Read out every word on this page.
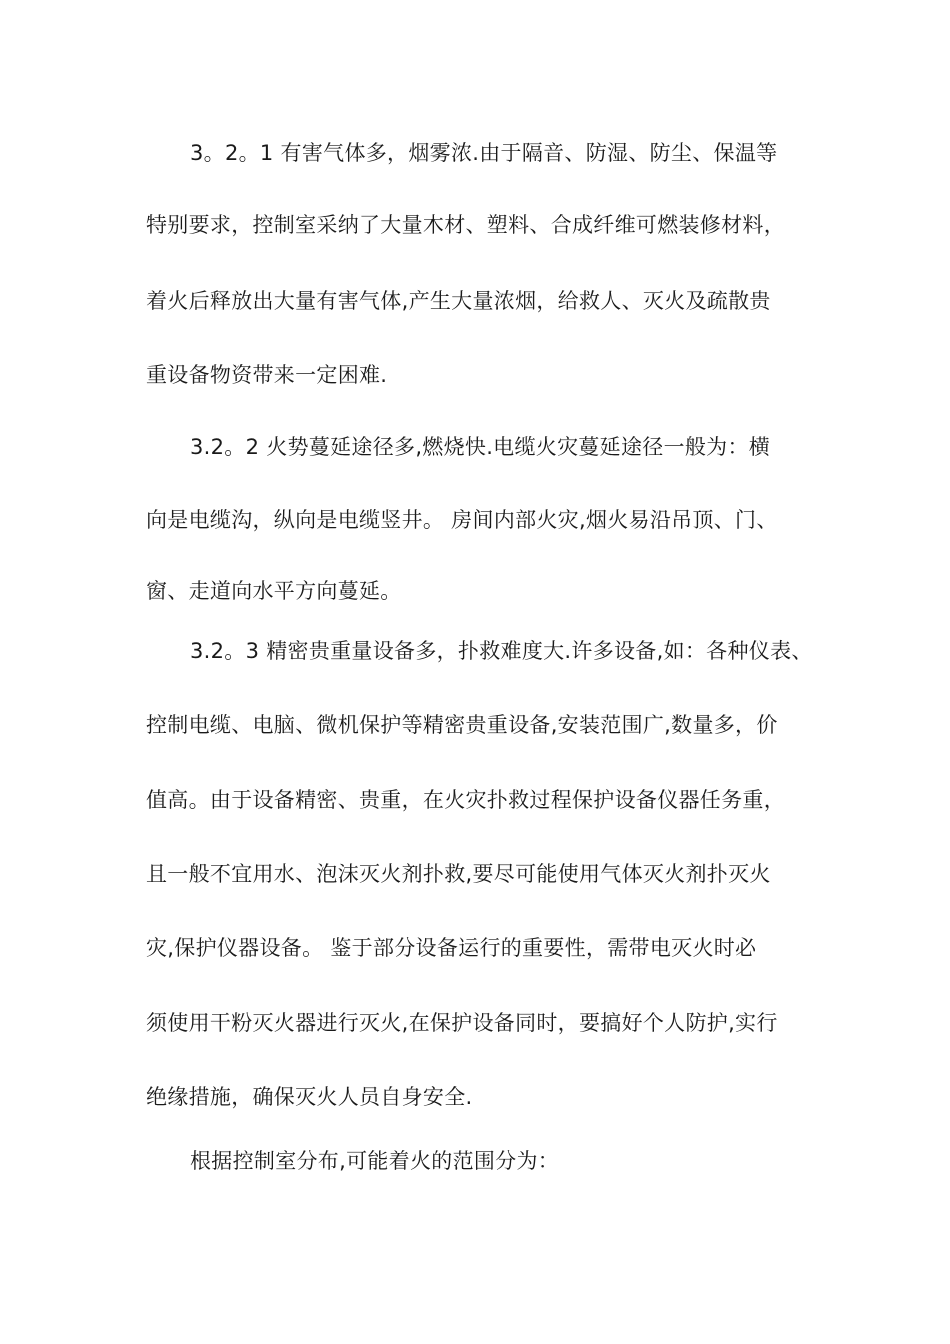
3。2。1 有害气体多，烟雾浓.由于隔音、防湿、防尘、保温等
特别要求，控制室采纳了大量木材、塑料、合成纤维可燃装修材料，
着火后释放出大量有害气体,产生大量浓烟，给救人、灭火及疏散贵
重设备物资带来一定困难.
3.2。2 火势蔓延途径多,燃烧快.电缆火灾蔓延途径一般为：横
向是电缆沟，纵向是电缆竖井。 房间内部火灾,烟火易沿吊顶、门、
窗、走道向水平方向蔓延。
3.2。3 精密贵重量设备多，扑救难度大.许多设备,如：各种仪表、
控制电缆、电脑、微机保护等精密贵重设备,安装范围广,数量多，价
值高。由于设备精密、贵重，在火灾扑救过程保护设备仪器任务重，
且一般不宜用水、泡沫灭火剂扑救,要尽可能使用气体灭火剂扑灭火
灾,保护仪器设备。 鉴于部分设备运行的重要性，需带电灭火时必
须使用干粉灭火器进行灭火,在保护设备同时，要搞好个人防护,实行
绝缘措施，确保灭火人员自身安全.
根据控制室分布,可能着火的范围分为：
